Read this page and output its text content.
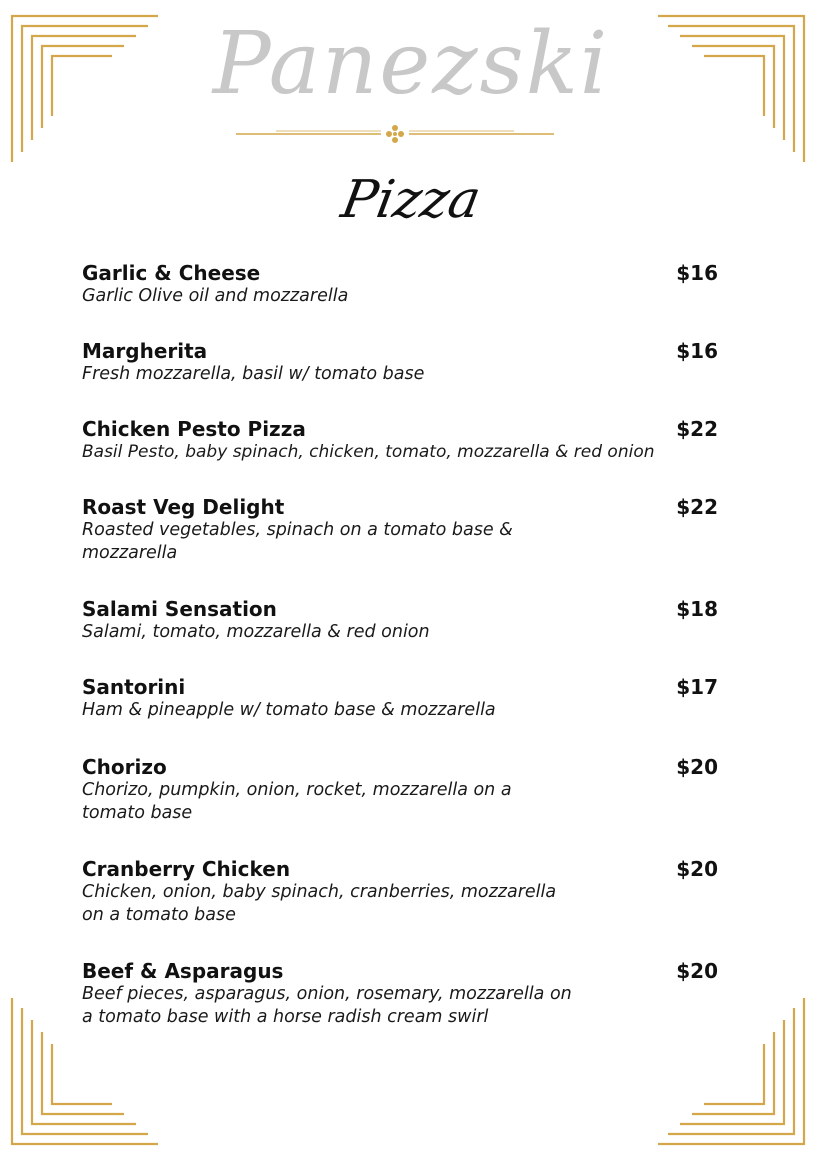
Panezski
Pizza
Garlic & Cheese	$16
Garlic Olive oil and mozzarella
Margherita	$16
Fresh mozzarella, basil w/ tomato base
Chicken Pesto Pizza	$22
Basil Pesto, baby spinach, chicken, tomato, mozzarella & red onion
Roast Veg Delight	$22
Roasted vegetables, spinach on a tomato base &
mozzarella
Salami Sensation	$18
Salami, tomato, mozzarella & red onion
Santorini	$17
Ham & pineapple w/ tomato base & mozzarella
Chorizo	$20
Chorizo, pumpkin, onion, rocket, mozzarella on a
tomato base
Cranberry Chicken	$20
Chicken, onion, baby spinach, cranberries, mozzarella
on a tomato base
Beef & Asparagus	$20
Beef pieces, asparagus, onion, rosemary, mozzarella on
a tomato base with a horse radish cream swirl
